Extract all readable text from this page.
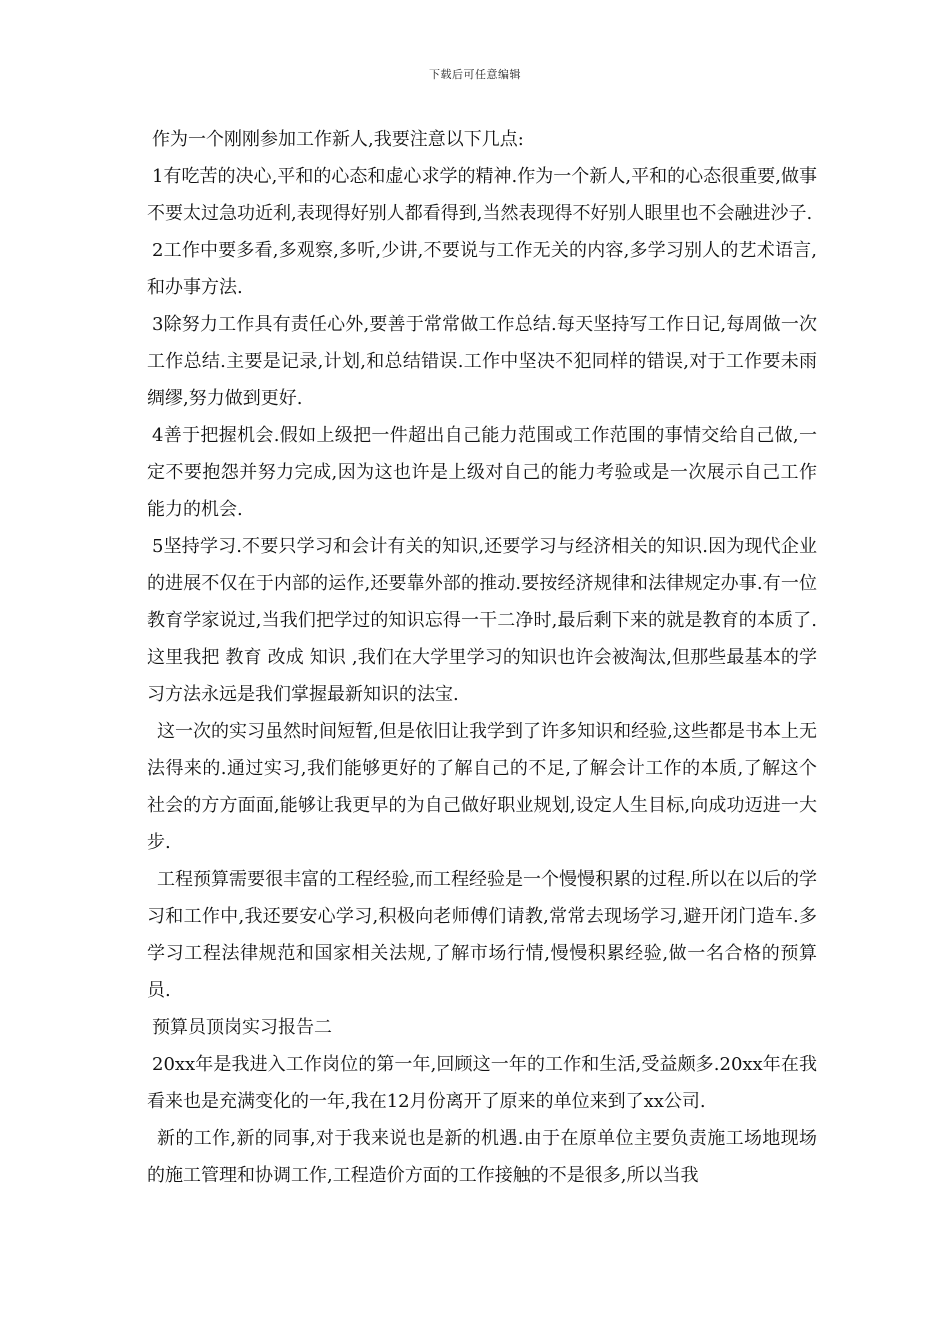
下载后可任意编辑

作为一个刚刚参加工作新人,我要注意以下几点:

1有吃苦的决心,平和的心态和虚心求学的精神.作为一个新人,平和的心态很重要,做事不要太过急功近利,表现得好别人都看得到,当然表现得不好别人眼里也不会融进沙子.

2工作中要多看,多观察,多听,少讲,不要说与工作无关的内容,多学习别人的艺术语言,和办事方法.

3除努力工作具有责任心外,要善于常常做工作总结.每天坚持写工作日记,每周做一次工作总结.主要是记录,计划,和总结错误.工作中坚决不犯同样的错误,对于工作要未雨绸缪,努力做到更好.

4善于把握机会.假如上级把一件超出自己能力范围或工作范围的事情交给自己做,一定不要抱怨并努力完成,因为这也许是上级对自己的能力考验或是一次展示自己工作能力的机会.

5坚持学习.不要只学习和会计有关的知识,还要学习与经济相关的知识.因为现代企业的进展不仅在于内部的运作,还要靠外部的推动.要按经济规律和法律规定办事.有一位教育学家说过,当我们把学过的知识忘得一干二净时,最后剩下来的就是教育的本质了.这里我把 教育 改成 知识 ,我们在大学里学习的知识也许会被淘汰,但那些最基本的学习方法永远是我们掌握最新知识的法宝.

这一次的实习虽然时间短暂,但是依旧让我学到了许多知识和经验,这些都是书本上无法得来的.通过实习,我们能够更好的了解自己的不足,了解会计工作的本质,了解这个社会的方方面面,能够让我更早的为自己做好职业规划,设定人生目标,向成功迈进一大步.

工程预算需要很丰富的工程经验,而工程经验是一个慢慢积累的过程.所以在以后的学习和工作中,我还要安心学习,积极向老师傅们请教,常常去现场学习,避开闭门造车.多学习工程法律规范和国家相关法规,了解市场行情,慢慢积累经验,做一名合格的预算员.

预算员顶岗实习报告二

20xx年是我进入工作岗位的第一年,回顾这一年的工作和生活,受益颇多.20xx年在我看来也是充满变化的一年,我在12月份离开了原来的单位来到了xx公司.

新的工作,新的同事,对于我来说也是新的机遇.由于在原单位主要负责施工场地现场的施工管理和协调工作,工程造价方面的工作接触的不是很多,所以当我
